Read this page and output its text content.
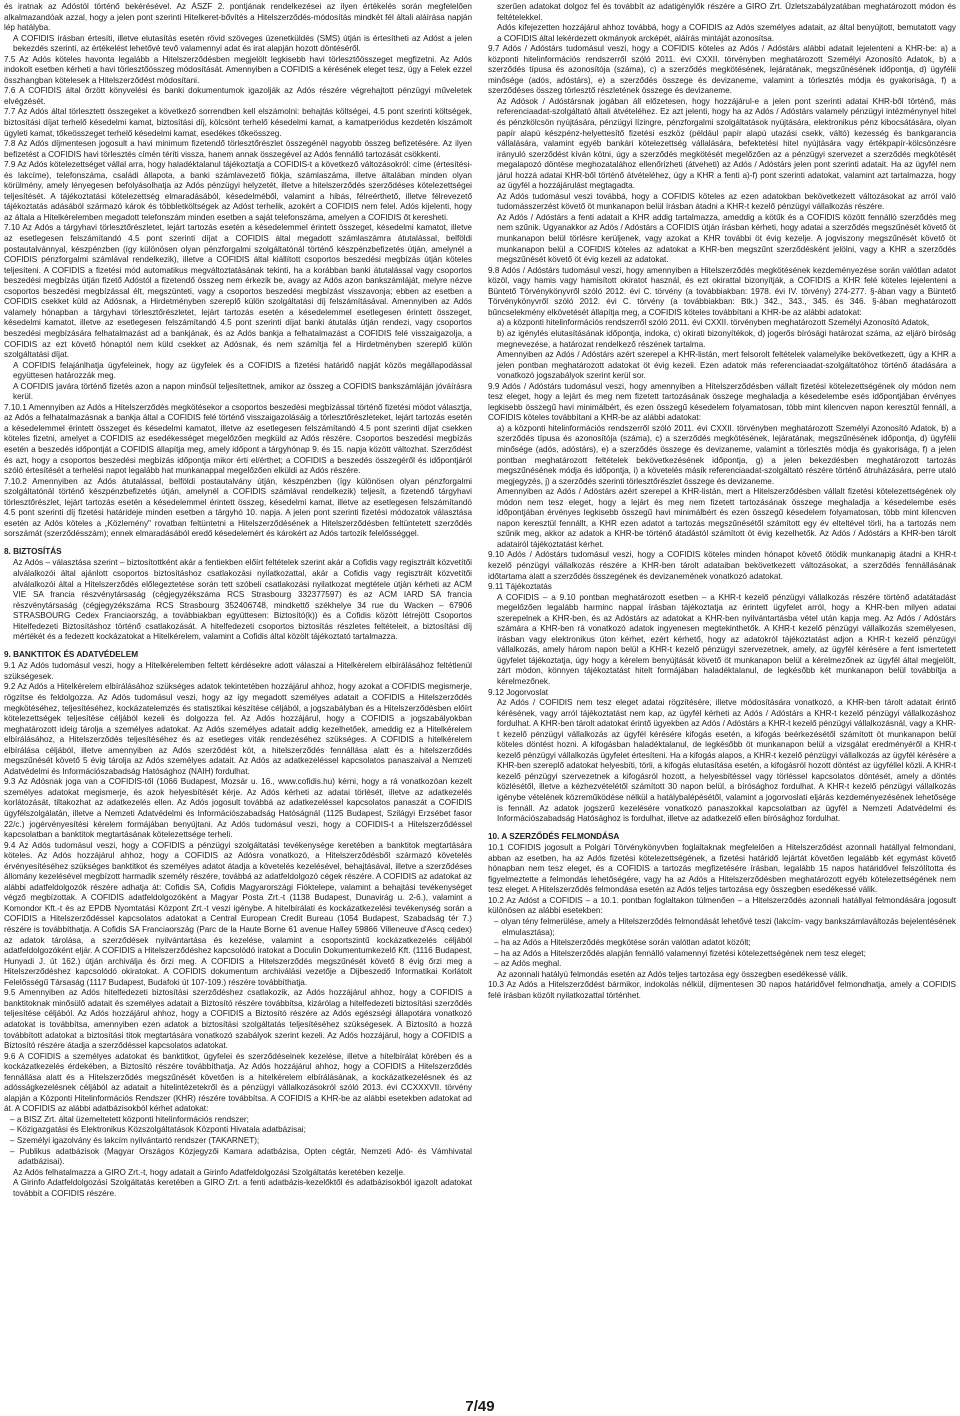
és iratnak az Adóstól történő bekérésével. Az ÁSZF 2. pontjának rendelkezései az ilyen értékelés során megfelelően alkalmazandóak azzal, hogy a jelen pont szerinti Hitelkeret-bővítés a Hitelszerződés-módosítás mindkét fél általi aláírása napján lép hatályba.

A COFIDIS írásban értesíti, illetve elutasítás esetén rövid szöveges üzenetküldés (SMS) útján is értesítheti az Adóst a jelen bekezdés szerinti, az értékelést lehetővé tevő valamennyi adat és irat alapján hozott döntéséről.

7.5 Az Adós köteles havonta legalább a Hitelszerződésben megjelölt legkisebb havi törlesztőösszeget megfizetni. Az Adós indokolt esetben kérheti a havi törlesztőösszeg módosítását. Amennyiben a COFIDIS a kérésének eleget tesz, úgy a Felek ezzel összhangban kötelesek a Hitelszerződést módosítani.

7.6 A COFIDIS által őrzött könyvelési és banki dokumentumok igazolják az Adós részére végrehajtott pénzügyi műveletek elvégzését.

7.7 Az Adós által törlesztett összegeket a következő sorrendben kell elszámolni: behajtás költségei, 4.5 pont szerinti költségek, biztosítási díjat terhelő késedelmi kamat, biztosítási díj, kölcsönt terhelő késedelmi kamat, a kamatperiódus kezdetén kiszámolt ügyleti kamat, tőkeösszeget terhelő késedelmi kamat, esedékes tőkeösszeg.

7.8 Az Adós díjmentesen jogosult a havi minimum fizetendő törlesztőrészlet összegénél nagyobb összeg befizetésére. Az ilyen befizetést a COFIDIS havi törlesztés címén téríti vissza, hanem annak összegével az Adós fennálló tartozását csökkenti.

7.9 Az Adós kötelezettséget vállal arra, hogy haladéktalanul tájékoztatja a COFIDIS-t a következő változásokról: címe (értesítési- és lakcíme), telefonszáma, családi állapota, a banki számlavezető fiókja, számlaszáma, illetve általában minden olyan körülmény, amely lényegesen befolyásolhatja az Adós pénzügyi helyzetét, illetve a hitelszerződés szerződéses kötelezettségei teljesítését. A tájékoztatási kötelezettség elmaradásából, késedelméből, valamint a hibás, félreérthető, illetve félrevezető tájékoztatás adásából származó károk és többletköltségek az Adóst terhelik, azokért a COFIDIS nem felel. Adós kijelenti, hogy az általa a Hitelkérelemben megadott telefonszám minden esetben a saját telefonszáma, amelyen a COFIDIS őt keresheti.

7.10 Az Adós a tárgyhavi törlesztőrészletet, lejárt tartozás esetén a késedelemmel érintett összeget, késedelmi kamatot, illetve az esetlegesen felszámítandó 4.5 pont szerinti díjat a COFIDIS által megadott számlaszámra átutalással, belföldi postautalvánnyal, készpénzben (így különösen olyan pénzforgalmi szolgáltatónál történő készpénzbefizetés útján, amelynél a COFIDIS pénzforgalmi számlával rendelkezik), illetve a COFIDIS által kiállított csoportos beszedési megbízás útján köteles teljesíteni. A COFIDIS a fizetési mód automatikus megváltoztatásának tekinti, ha a korábban banki átutalással vagy csoportos beszedési megbízás útján fizető Adóstól a fizetendő összeg nem érkezik be, avagy az Adós azon bankszámláját, melyre nézve csoportos beszedési megbízással élt, megszünteti, vagy a csoportos beszedési megbízást visszavonja; ebben az esetben a COFIDIS csekket küld az Adósnak, a Hirdetményben szereplő külön szolgáltatási díj felszámításával. Amennyiben az Adós valamely hónapban a tárgyhavi törlesztőrészletet, lejárt tartozás esetén a késedelemmel esetlegesen érintett összeget, késedelmi kamatot, illetve az esetlegesen felszámítandó 4.5 pont szerinti díjat banki átutalás útján rendezi, vagy csoportos beszedési megbízására felhatalmazást ad a bankjának, és az Adós bankja a felhatalmazást a COFIDIS felé visszaigazolja, a COFIDIS az ezt követő hónaptól nem küld csekket az Adósnak, és nem számítja fel a Hirdetményben szereplő külön szolgáltatási díjat.

A COFIDIS felajánlhatja ügyfeleinek, hogy az ügyfelek és a COFIDIS a fizetési határidő napját közös megállapodással együttesen határozzák meg.

A COFIDIS javára történő fizetés azon a napon minősül teljesítettnek, amikor az összeg a COFIDIS bankszámláján jóváírásra kerül.

7.10.1 Amennyiben az Adós a Hitelszerződés megkötésekor a csoportos beszedési megbízással történő fizetési módot választja, az Adós a felhatalmazásnak a bankja által a COFIDIS felé történő visszaigazolásáig a törlesztőrészleteket, lejárt tartozás esetén a késedelemmel érintett összeget és késedelmi kamatot, illetve az esetlegesen felszámítandó 4.5 pont szerinti díjat csekken köteles fizetni, amelyet a COFIDIS az esedékességet megelőzően megküld az Adós részére. Csoportos beszedési megbízás esetén a beszedés időpontját a COFIDIS állapítja meg, amely időpont a tárgyhónap 9. és 15. napja között változhat. Szerződést és azt, hogy a csoportos beszedési megbízás időpontja mikor érti el/érthet; a COFIDIS a beszedés összegéről és időpontjáról szóló értesítését a terhelési napot legalább hat munkanappal megelőzően elküldi az Adós részére.

7.10.2 Amennyiben az Adós átutalással, belföldi postautalvány útján, készpénzben (így különösen olyan pénzforgalmi szolgáltatónál történő készpénzbefizetés útján, amelynél a COFIDIS számlával rendelkezik) teljesít, a fizetendő tárgyhavi törlesztőrészlet, lejárt tartozás esetén a késedelemmel érintett összeg, késedelmi kamat, illetve az esetlegesen felszámítandó 4.5 pont szerinti díj fizetési határideje minden esetben a tárgyhó 10. napja. A jelen pont szerinti fizetési módozatok választása esetén az Adós köteles a „Közlemény" rovatban feltüntetni a Hitelszerződésének a Hitelszerződésben feltüntetett szerződés sorszámát (szerződésszám); ennek elmaradásából eredő késedelemért és károkért az Adós tartozik felelősséggel.

8. BIZTOSÍTÁS

Az Adós – választása szerint – biztosítottként akár a fentiekben előírt feltételek szerint akár a Cofidis vagy regisztrált közvetítői alválalkozói által ajánlott csoportos biztosításhoz csatlakozási nyilatkozattal, akár a Cofidis vagy regisztrált közvetítői alválalkozói által a Hitelszerződés előlegeztetése során tett szóbeli csatlakozási nyilatkozat megtétele útján kérheti az ACM VIE SA francia részvénytársaság (cégjegyzékszáma RCS Strasbourg 332377597) és az ACM IARD SA francia részvénytársaság (cégjegyzékszáma RCS Strasbourg 352406748, mindkettő székhelye 34 rue du Wacken – 67906 STRASBOURG Cedex Franciaország, a továbbiakban együttesen: Biztosító(k)) és a Cofidis között létrejött Csoportos Hitelfedezeti Biztosításhoz történő csatlakozását. A hitelfedezeti csoportos biztosítás részletes feltételeit, a biztosítási díj mértékét és a fedezett kockázatokat a Hitelkérelem, valamint a Cofidis által közölt tájékoztató tartalmazza.

9. BANKTITOK ÉS ADATVÉDELEM

9.1 Az Adós tudomásul veszi, hogy a Hitelkérelemben feltett kérdésekre adott válaszai a Hitelkérelem elbírálásához feltétlenül szükségesek.

9.2 Az Adós a Hitelkérelem elbírálásához szükséges adatok tekintetében hozzájárul ahhoz, hogy azokat a COFIDIS megismerje, rögzítse és feldolgozza. Az Adós tudomásul veszi, hogy az így megadott személyes adatait a COFIDIS a Hitelszerződés megkötéséhez, teljesítéséhez, kockázatelemzés és statisztikai készítése céljából, a jogszabályban és a Hitelszerződésben előírt kötelezettségek teljesítése céljából kezeli és dolgozza fel. Az Adós hozzájárul, hogy a COFIDIS a jogszabályokban meghatározott ideig tárolja a személyes adatokat. Az Adós személyes adatait addig kezelhetőek, ameddig ez a Hitelkérelem elbírálásához, a Hitelszerződés teljesítéséhez és az esetleges viták rendezéséhez szükséges. A COFIDIS a hitelkérelem elbírálása céljából, illetve amennyiben az Adós szerződést köt, a hitelszerződés fennállása alatt és a hitelszerződés megszűnését követő 5 évig tárolja az Adós személyes adatait. Az Adós az adatkezeléssel kapcsolatos panaszaival a Nemzeti Adatvédelmi és Információszabadság Hatósághoz (NAIH) fordulhat.

9.3 Az Adósnak joga van a COFIDIS-től (1066 Budapest, Mozsár u. 16., www.cofidis.hu) kérni, hogy a rá vonatkozóan kezelt személyes adatokat megismerje, és azok helyesbítését kérje. Az Adós kérheti az adatai törlését, illetve az adatkezelés korlátozását, tiltakozhat az adatkezelés ellen. Az Adós jogosult továbbá az adatkezeléssel kapcsolatos panaszát a COFIDIS ügyfélszolgálatán, illetve a Nemzeti Adatvédelmi és Információszabadság Hatóságnál (1125 Budapest, Szilágyi Erzsébet fasor 22/c.) jogérvényesítési kérelem formájában benyújtani. Az Adós tudomásul veszi, hogy a COFIDIS-t a Hitelszerződéssel kapcsolatban a banktitok megtartásának kötelezettsége terheli.

9.4 Az Adós tudomásul veszi, hogy a COFIDIS a pénzügyi szolgáltatási tevékenysége keretében a banktitok megtartására köteles. Az Adós hozzájárul ahhoz, hogy a COFIDIS az Adósra vonatkozó, a Hitelszerződésből származó követelés érvényesítéséhez szükséges banktitkot és személyes adatot átadja a követelés kezelésével, behajtásával, illetve a szerződéses állomány kezelésével megbízott harmadik személy részére, továbbá az adatfeldolgozó cégek részére. A COFIDIS az adatokat az alábbi adatfeldolgozók részére adhatja át: Cofidis SA, Cofidis Magyarországi Fióktelepe, valamint a behajtási tevékenységet végző megbízottak. A COFIDIS adatfeldolgozóként a Magyar Posta Zrt.-t (1138 Budapest, Dunavirág u. 2-6.), valamint a Komondor Kft.-t és az EPDB Nyomtatási Központ Zrt.-t veszi igénybe. A hitelbírálati és kockázatkezelési tevékenység során a COFIDIS a Hitelszerződéssel kapcsolatos adatokat a Central European Credit Bureau (1054 Budapest, Szabadság tér 7.) részére is továbbíthatja. A Cofidis SA Franciaország (Parc de la Haute Borne 61 avenue Halley 59866 Villeneuve d'Ascq cedex) az adatok tárolása, a szerződések nyilvántartása és kezelése, valamint a csoportszintű kockázatkezelés céljából adatfeldolgozóként eljár. A COFIDIS a Hitelszerződéshez kapcsolódó iratokat a Doculin Dokumentumkezelő Kft. (1116 Budapest, Hunyadi J. út 162.) útján archiválja és őrzi meg. A COFIDIS a Hitelszerződés megszűnését követő 8 évig őrzi meg a Hitelszerződéshez kapcsolódó okiratokat. A COFIDIS dokumentum archiválási vezetője a Dijbeszedő Informatikai Korlátolt Felelősségű Társaság (1117 Budapest, Budafoki út 107-109.) részére továbbíthatja.

9.5 Amennyiben az Adós hitelfedezeti biztosítási szerződéshez csatlakozik, az Adós hozzájárul ahhoz, hogy a COFIDIS a banktitoknak minősülő adatait és személyes adatait a Biztosító részére továbbítsa, kizárólag a hitelfedezeti biztosítási szerződés teljesítése céljából. Az Adós hozzájárul ahhoz, hogy a COFIDIS a Biztosító részére az Adós egészségi állapotára vonatkozó adatokat is továbbítsa, amennyiben ezen adatok a biztosítási szolgáltatás teljesítéséhez szükségesek. A Biztosító a hozzá továbbított adatokat a biztosítási titok megtartására vonatkozó szabályok szerint kezeli. Az Adós hozzájárul, hogy a COFIDIS a Biztosító részére átadja a szerződéssel kapcsolatos adatokat.

9.6 A COFIDIS a személyes adatokat és banktitkot, ügyfelei és szerződéseinek kezelése, illetve a hitelbírálat körében és a kockázatkezelés érdekében, a Biztosító részére továbbíthatja. Az Adós hozzájárul ahhoz, hogy a COFIDIS a Hitelszerződés fennállása alatt és a Hitelszerződés megszűnését követően is a hitelkérelem elbírálásának, a kockázatkezelésnek és az adósságkezelésnek céljából az adatait a hitelintézetekről és a pénzügyi vállalkozásokról szóló 2013. évi CCXXXVII. törvény alapján a Központi Hitelinformációs Rendszer (KHR) részére továbbítsa. A COFIDIS a KHR-be az alábbi esetekben adatokat ad át. A COFIDIS az alábbi adatbázisokból kérhet adatokat:

– a BISZ Zrt. által üzemeltetett központi hitelinformációs rendszer;

– Közigazgatási és Elektronikus Közszolgáltatások Központi Hivatala adatbázisai;

– Személyi igazolvány és lakcím nyilvántartó rendszer (TAKARNET);

– Publikus adatbázisok (Magyar Országos Közjegyzői Kamara adatbázisa, Opten cégtár, Nemzeti Adó- és Vámhivatal adatbázisai).

Az Adós felhatalmazza a GIRO Zrt.-t, hogy adatait a Girinfo Adatfeldolgozási Szolgáltatás keretében kezelje.

A Girinfo Adatfeldolgozási Szolgáltatás keretében a GIRO Zrt. a fenti adatbázis-kezelőktől és adatbázisokból igazolt adatokat továbbít a COFIDIS részére.

szerűen adatokat dolgoz fel és továbbít az adatigénylők részére a GIRO Zrt. Üzletszabályzatában meghatározott módon és feltételekkel.

Adós kifejezetten hozzájárul ahhoz továbbá, hogy a COFIDIS az Adós személyes adatait, az által benyújtott, bemutatott vagy a COFIDIS által lekérdezett okmányok arcképét, aláírás mintáját azonosítsa.

9.7 Adós / Adóstárs tudomásul veszi, hogy a COFIDIS köteles az Adós / Adóstárs alábbi adatait lejelenteni a KHR-be: a) a központi hitelinformációs rendszerről szóló 2011. évi CXXII. törvényben meghatározott Személyi Azonosító Adatok, b) a szerződés típusa és azonosítója (száma), c) a szerződés megkötésének, lejáratának, megszűnésének időpontja, d) ügyfélii minősége (adós, adóstárs), e) a szerződés összege és devizaneme, valamint a törlesztés módja és gyakorisága, f) a szerződéses összeg törlesztő részletének összege és devizaneme.

Az Adósok / Adóstársnak jogában áll előzetesen, hogy hozzájárul-e a jelen pont szerinti adatai KHR-ből történő, más referenciaadat-szolgáltató általi átvételéhez. Ez azt jelenti, hogy ha az Adós / Adóstárs valamely pénzügyi intézménynyel hitel és pénzkölcsön nyújtására, pénzügyi lízingre, pénzforgalmi szolgáltatások nyújtására, elektronikus pénz kibocsátására, olyan papír alapú készpénz-helyettesítő fizetési eszköz (például papír alapú utazási csekk, váltó) kezesség és bankgarancia vállalására, valamint egyéb bankári kötelezettség vállalására, befektetési hitel nyújtására vagy értékpapír-kölcsönzésre irányuló szerződést kíván kötni, úgy a szerződés megkötését megelőzően az a pénzügyi szervezet a szerződés megkötését megalapozó döntése meghozatalához ellenőrizheti (átveheti) az Adós / Adóstárs jelen pont szerinti adatait. Ha az ügyfél nem járul hozzá adatai KHR-ből történő átvételéhez, úgy a KHR a fenti a)-f) pont szerinti adatokat, valamint azt tartalmazza, hogy az ügyfél a hozzájárulást megtagadta.

Az Adós tudomásul veszi továbbá, hogy a COFIDIS köteles az ezen adatokban bekövetkezett változásokat az arról való tudomásszerzést követő öt munkanapon belül írásban átadni a KHR-t kezelő pénzügyi vállalkozás részére.

Az Adós / Adóstárs a fenti adatait a KHR addig tartalmazza, ameddig a kötűk és a COFIDIS között fennálló szerződés meg nem szűnik. Ugyanakkor az Adós / Adóstárs a COFIDIS útján írásban kérheti, hogy adatai a szerződés megszűnését követő öt munkanapon belül törlésre kerüljenek, vagy azokat a KHR további öt évig kezelje. A jogviszony megszűnését követő öt munkanapon belül a COFIDIS köteles az adatokat a KHR-ben megszűnt szerződésként jelölni, vagy a KHR a szerződés megszűnését követő öt évig kezeli az adatokat.

9.8 Adós / Adóstárs tudomásul veszi, hogy amennyiben a Hitelszerződés megkötésének kezdeményezése során valótlan adatot közöl, vagy hamis vagy hamisított okiratot használ, és ezt okirattal bizonyítják, a COFIDIS a KHR felé köteles lejelenteni a Büntető Törvénykönyvről szóló 2012. évi C. törvény (a továbbiakban: 1978. évi IV. törvény) 274-277. §-ában vagy a Büntető Törvénykönyvről szóló 2012. évi C. törvény (a továbbiakban: Btk.) 342., 343., 345. és 346. §-ában meghatározott bűncselekmény elkövetését állapítja meg, a COFIDIS köteles továbbítani a KHR-be az alábbi adatokat:

a) a központi hitelinformációs rendszerről szóló 2011. évi CXXII. törvényben meghatározott Személyi Azonosító Adatok,

b) az igénylés elutasításának időpontja, indoka, c) okirati bizonyítékok, d) jogerős bírósági határozat száma, az eljáró bíróság megnevezése, a határozat rendelkező részének tartalma.

Amennyiben az Adós / Adóstárs azért szerepel a KHR-listán, mert felsorolt feltételek valamelyike bekövetkezett, úgy a KHR a jelen pontban meghatározott adatokat öt évig kezeli. Ezen adatok más referenciaadat-szolgáltatóhoz történő átadására a vonatkozó jogszabályok szerint kerül sor.

9.9 Adós / Adóstárs tudomásul veszi, hogy amennyiben a Hitelszerződésben vállalt fizetési kötelezettségének oly módon nem tesz eleget, hogy a lejárt és meg nem fizetett tartozásának összege meghaladja a késedelembe esés időpontjában érvényes legkisebb összegű havi minimálbért, és ezen összegű késedelem folyamatosan, több mint kilencven napon keresztül fennáll, a COFIDIS köteles továbbítani a KHR-be az alábbi adatokat:

a) a központi hitelinformációs rendszerről szóló 2011. évi CXXII. törvényben meghatározott Személyi Azonosító Adatok, b) a szerződés típusa és azonosítója (száma), c) a szerződés megkötésének, lejáratának, megszűnésének időpontja, d) ügyfélii minősége (adós, adóstárs), e) a szerződés összege és devizaneme, valamint a törlesztés módja és gyakorisága, f) a jelen pontban meghatározott feltételek bekövetkezésének időpontja, g) a jelen bekezdésben meghatározott tartozás megszűnésének módja és időpontja, i) a követelés másik referenciaadat-szolgáltató részére történő átruházására, perre utaló megjegyzés, j) a szerződés szerinti törlesztőrészlet összege és devizaneme.

Amennyiben az Adós / Adóstárs azért szerepel a KHR-listán, mert a Hitelszerződésben vállalt fizetési kötelezettségének oly módon nem tesz eleget, hogy a lejárt és meg nem fizetett tartozásának összege meghaladja a késedelembe esés időpontjában érvényes legkisebb összegű havi minimálbért és ezen összegű késedelem folyamatosan, több mint kilencven napon keresztül fennállt, a KHR ezen adatot a tartozás megszűnésétől számított egy év elteltével törli, ha a tartozás nem szűnik meg, akkor az adatok a KHR-be történő átadástól számított öt évig kezelhetők. Az Adós / Adóstárs a KHR-ben tárolt adatairól tájékoztatást kérhet.

9.10 Adós / Adóstárs tudomásul veszi, hogy a COFIDIS köteles minden hónapot követő ötödik munkanapig átadni a KHR-t kezelő pénzügyi vállalkozás részére a KHR-ben tárolt adataiban bekövetkezett változásokat, a szerződés fennállásának időtartama alatt a szerződés összegének és devizanemének vonatkozó adatokat.

9.11 Tájékoztatás

A COFIDIS – a 9.10 pontban meghatározott esetben – a KHR-t kezelő pénzügyi vállalkozás részére történő adatátadást megelőzően legalább harminc nappal írásban tájékoztatja az érintett ügyfelet arról, hogy a KHR-ben milyen adatai szerepelnek a KHR-ben, és az Adóstárs az adatokat a KHR-ben nyilvántartásba vétel után kapja meg. Az Adós / Adóstárs számára a KHR-ben rá vonatkozó adatok ingyenesen megtekinthetők. A KHR-t kezelő pénzügyi vállalkozás személyesen, írásban vagy elektronikus úton kérhet, ezért kérhető, hogy az adatokról tájékoztatást adjon a KHR-t kezelő pénzügyi vállalkozás, amely három napon belül a KHR-t kezelő pénzügyi szervezetnek, amely, az ügyfél kérésére a fent ismertetett ügyfelet tájékoztatja, úgy hogy a kérelem benyújtását követő öt munkanapon belül a kérelmezőnek az ügyfél által megjelölt, zárt módon, könnyen tájékoztatást hitelt formájában haladéktalanul, de legkésőbb két munkanapon belül továbbítja a kérelmezőnek.

9.12 Jogorvoslat

Az Adós / COFIDIS nem tesz eleget adatai rögzítésére, illetve módosítására vonatkozó, a KHR-ben tárolt adatait érintő kérésének, vagy arról tájékoztatást nem kap, az ügyfél kérheti az Adós / Adóstárs a KHR-t kezelő pénzügyi vállalkozáshoz fordulhat. A KHR-ben tárolt adatokat érintő ügyekben az Adós / Adóstárs a KHR-t kezelő pénzügyi vállalkozásnál, vagy a KHR-t kezelő pénzügyi vállalkozás az ügyfél kérésére kifogás esetén, a kifogás beérkezésétől számított öt munkanapon belül köteles döntést hozni. A kifogásban haladéktalanul, de legkésőbb öt munkanapon belül a vizsgálat eredményéről a KHR-t kezelő pénzügyi vállalkozás ügyfelet értesíteni. Ha a kifogás alapos, a KHR-t kezelő pénzügyi vállalkozás az ügyfél kérésére a KHR-ben szereplő adatokat helyesbíti, törli, a kifogás elutasítása esetén, a kifogásról hozott döntést az ügyféllel közli. A KHR-t kezelő pénzügyi szervezetnek a kifogásról hozott, a helyesbítéssel vagy törléssel kapcsolatos döntését, amely a döntés közlésétől, illetve a kézhezvételétől számított 30 napon belül, a bírósághoz fordulhat. A KHR-t kezelő pénzügyi vállalkozás igénybe vételének közreműködése nélkül a hatálybalépésétől, valamint a jogorvoslati eljárás kezdeményezésének lehetősége is fennáll. Az adatok jogszerű kezelésére vonatkozó panaszokkal kapcsolatban az ügyfél a Nemzeti Adatvédelmi és Információszabadság Hatósághoz is fordulhat, illetve az adatkezelő ellen bírósághoz fordulhat.

10. A SZERZŐDÉS FELMONDÁSA

10.1 COFIDIS jogosult a Polgári Törvénykönyvben foglaltaknak megfelelően a Hitelszerződést azonnali hatállyal felmondani, abban az esetben, ha az Adós fizetési kötelezettségének, a fizetési határidő lejártát követően legalább két egymást követő hónapban nem tesz eleget, és a COFIDIS a tartozás megfizetésére írásban, legalább 15 napos határidővel felszólította és figyelmeztette a felmondás lehetőségére, vagy ha az Adós a Hitelszerződésben meghatározott egyéb kötelezettségének nem tesz eleget. A Hitelszerződés felmondása esetén az Adós teljes tartozása egy összegben esedékessé válik.

10.2 Az Adóst a COFIDIS – a 10.1. pontban foglaltakon túlmenően – a Hitelszerződés azonnali hatállyal felmondására jogosult különösen az alábbi esetekben:

– olyan tény felmerülése, amely a Hitelszerződés felmondását lehetővé teszi (lakcím- vagy bankszámlaváltozás bejelentésének elmulasztása);

– ha az Adós a Hitelszerződés megkötése során valótlan adatot közölt;

– ha az Adós a Hitelszerződés alapján fennálló valamennyi fizetési kötelezettségének nem tesz eleget;

– az Adós meghal.

Az azonnali hatályú felmondás esetén az Adós teljes tartozása egy összegben esedékessé válik.

10.3 Az Adós a Hitelszerződést bármikor, indokolás nélkül, díjmentesen 30 napos határidővel felmondhatja, amely a COFIDIS felé írásban közölt nyilatkozattal történhet.

7/49
